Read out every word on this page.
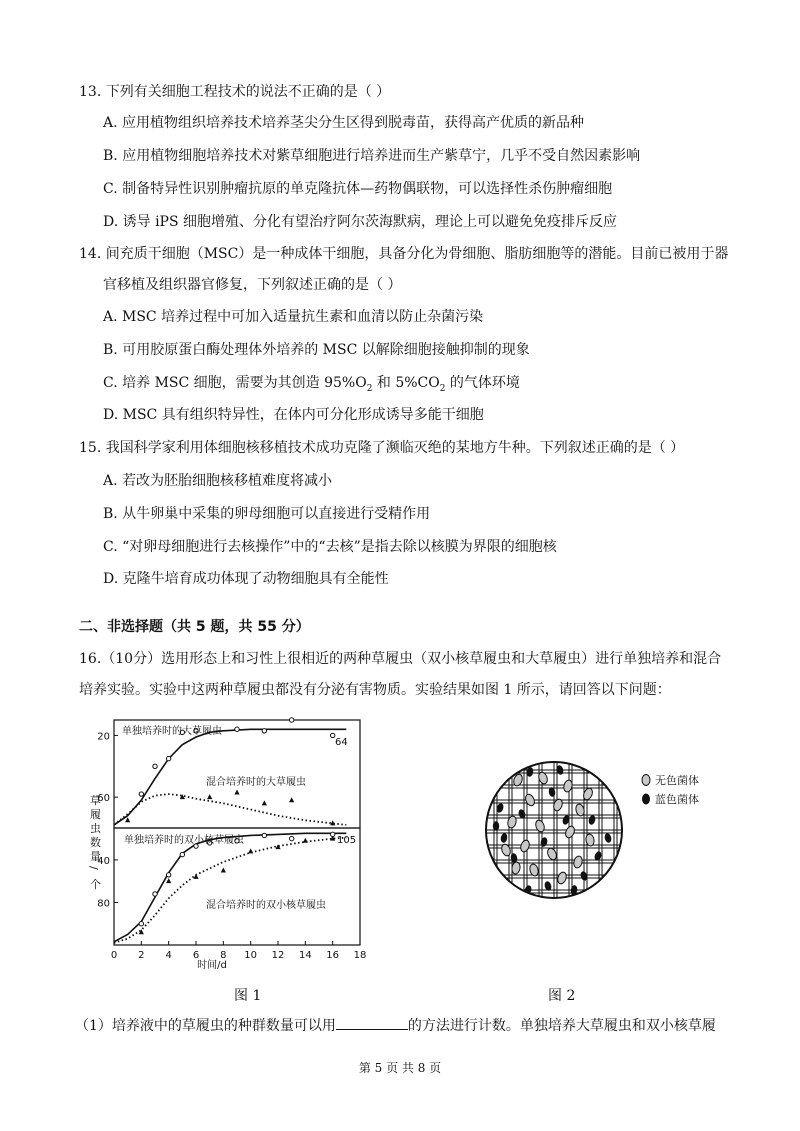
13. 下列有关细胞工程技术的说法不正确的是（ ）
A. 应用植物组织培养技术培养茎尖分生区得到脱毒苗，获得高产优质的新品种
B. 应用植物细胞培养技术对紫草细胞进行培养进而生产紫草宁，几乎不受自然因素影响
C. 制备特异性识别肿瘤抗原的单克隆抗体—药物偶联物，可以选择性杀伤肿瘤细胞
D. 诱导 iPS 细胞增殖、分化有望治疗阿尔茨海默病，理论上可以避免免疫排斥反应
14. 间充质干细胞（MSC）是一种成体干细胞，具备分化为骨细胞、脂肪细胞等的潜能。目前已被用于器
官移植及组织器官修复，下列叙述正确的是（ ）
A. MSC 培养过程中可加入适量抗生素和血清以防止杂菌污染
B. 可用胶原蛋白酶处理体外培养的 MSC 以解除细胞接触抑制的现象
C. 培养 MSC 细胞，需要为其创造 $95\%O_2$ 和 $5\%CO_2$ 的气体环境
D. MSC 具有组织特异性，在体内可分化形成诱导多能干细胞
15. 我国科学家利用体细胞核移植技术成功克隆了濒临灭绝的某地方牛种。下列叙述正确的是（ ）
A. 若改为胚胎细胞核移植难度将减小
B. 从牛卵巢中采集的卵母细胞可以直接进行受精作用
C. “对卵母细胞进行去核操作”中的“去核”是指去除以核膜为界限的细胞核
D. 克隆牛培育成功体现了动物细胞具有全能性
二、非选择题（共 5 题，共 55 分）
16.（10分）选用形态上和习性上很相近的两种草履虫（双小核草履虫和大草履虫）进行单独培养和混合
培养实验。实验中这两种草履虫都没有分泌有害物质。实验结果如图 1 所示，请回答以下问题：
60
20
80
40
0 2 4 6 8 10 12 14 16 18
单独培养时的大草履虫
混合培养时的大草履虫
单独培养时的双小核草履虫
混合培养时的双小核草履虫
64
105
时间/d
草
履
虫
数
量
/
个
图 1
无色菌体
蓝色菌体
图 2
（1）培养液中的草履虫的种群数量可以用	的方法进行计数。单独培养大草履虫和双小核草履
第 5 页 共 8 页
